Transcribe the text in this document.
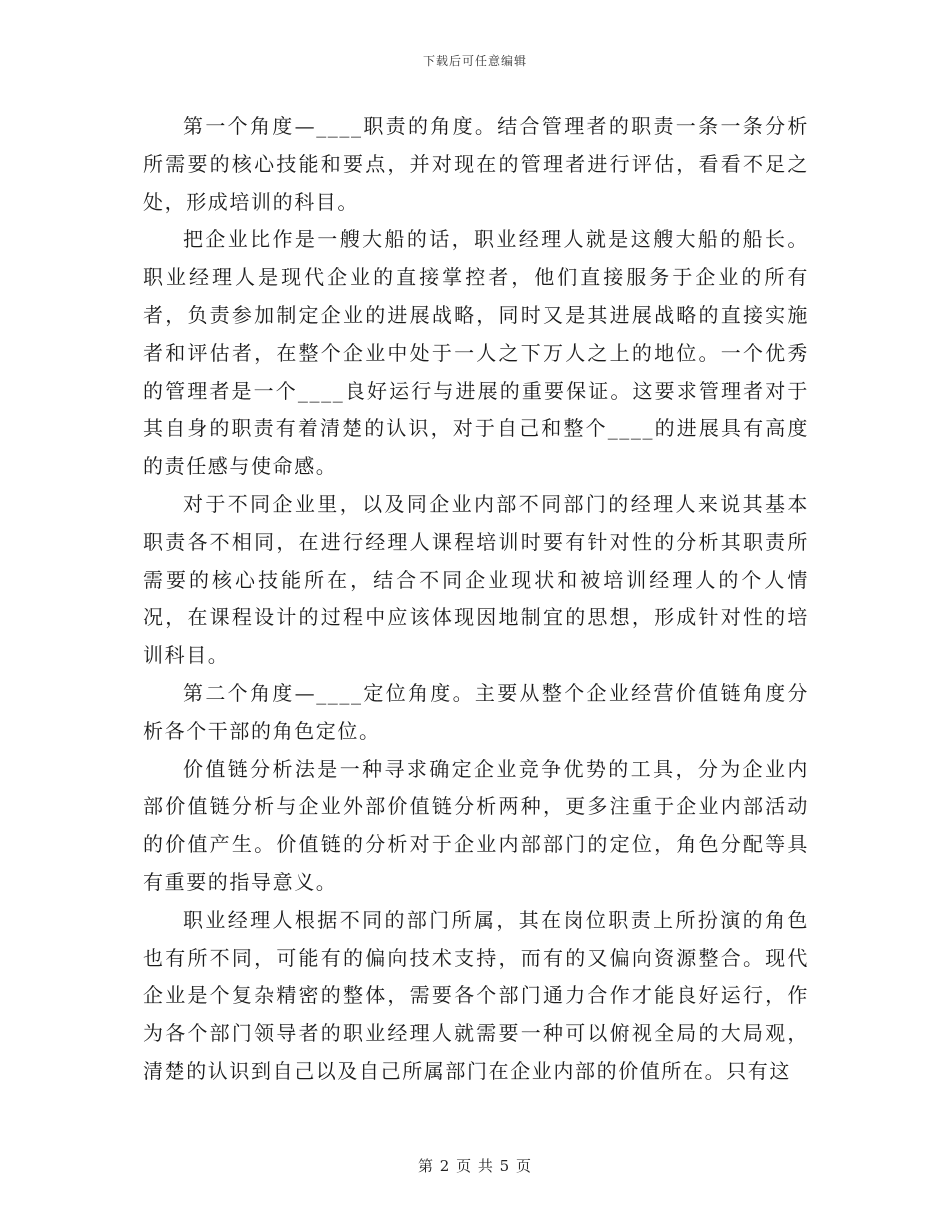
下载后可任意编辑

第一个角度—____职责的角度。结合管理者的职责一条一条分析所需要的核心技能和要点，并对现在的管理者进行评估，看看不足之处，形成培训的科目。

把企业比作是一艘大船的话，职业经理人就是这艘大船的船长。职业经理人是现代企业的直接掌控者，他们直接服务于企业的所有者，负责参加制定企业的进展战略，同时又是其进展战略的直接实施者和评估者，在整个企业中处于一人之下万人之上的地位。一个优秀的管理者是一个____良好运行与进展的重要保证。这要求管理者对于其自身的职责有着清楚的认识，对于自己和整个____的进展具有高度的责任感与使命感。

对于不同企业里，以及同企业内部不同部门的经理人来说其基本职责各不相同，在进行经理人课程培训时要有针对性的分析其职责所需要的核心技能所在，结合不同企业现状和被培训经理人的个人情况，在课程设计的过程中应该体现因地制宜的思想，形成针对性的培训科目。

第二个角度—____定位角度。主要从整个企业经营价值链角度分析各个干部的角色定位。

价值链分析法是一种寻求确定企业竞争优势的工具，分为企业内部价值链分析与企业外部价值链分析两种，更多注重于企业内部活动的价值产生。价值链的分析对于企业内部部门的定位，角色分配等具有重要的指导意义。

职业经理人根据不同的部门所属，其在岗位职责上所扮演的角色也有所不同，可能有的偏向技术支持，而有的又偏向资源整合。现代企业是个复杂精密的整体，需要各个部门通力合作才能良好运行，作为各个部门领导者的职业经理人就需要一种可以俯视全局的大局观，清楚的认识到自己以及自己所属部门在企业内部的价值所在。只有这

第 2 页 共 5 页
